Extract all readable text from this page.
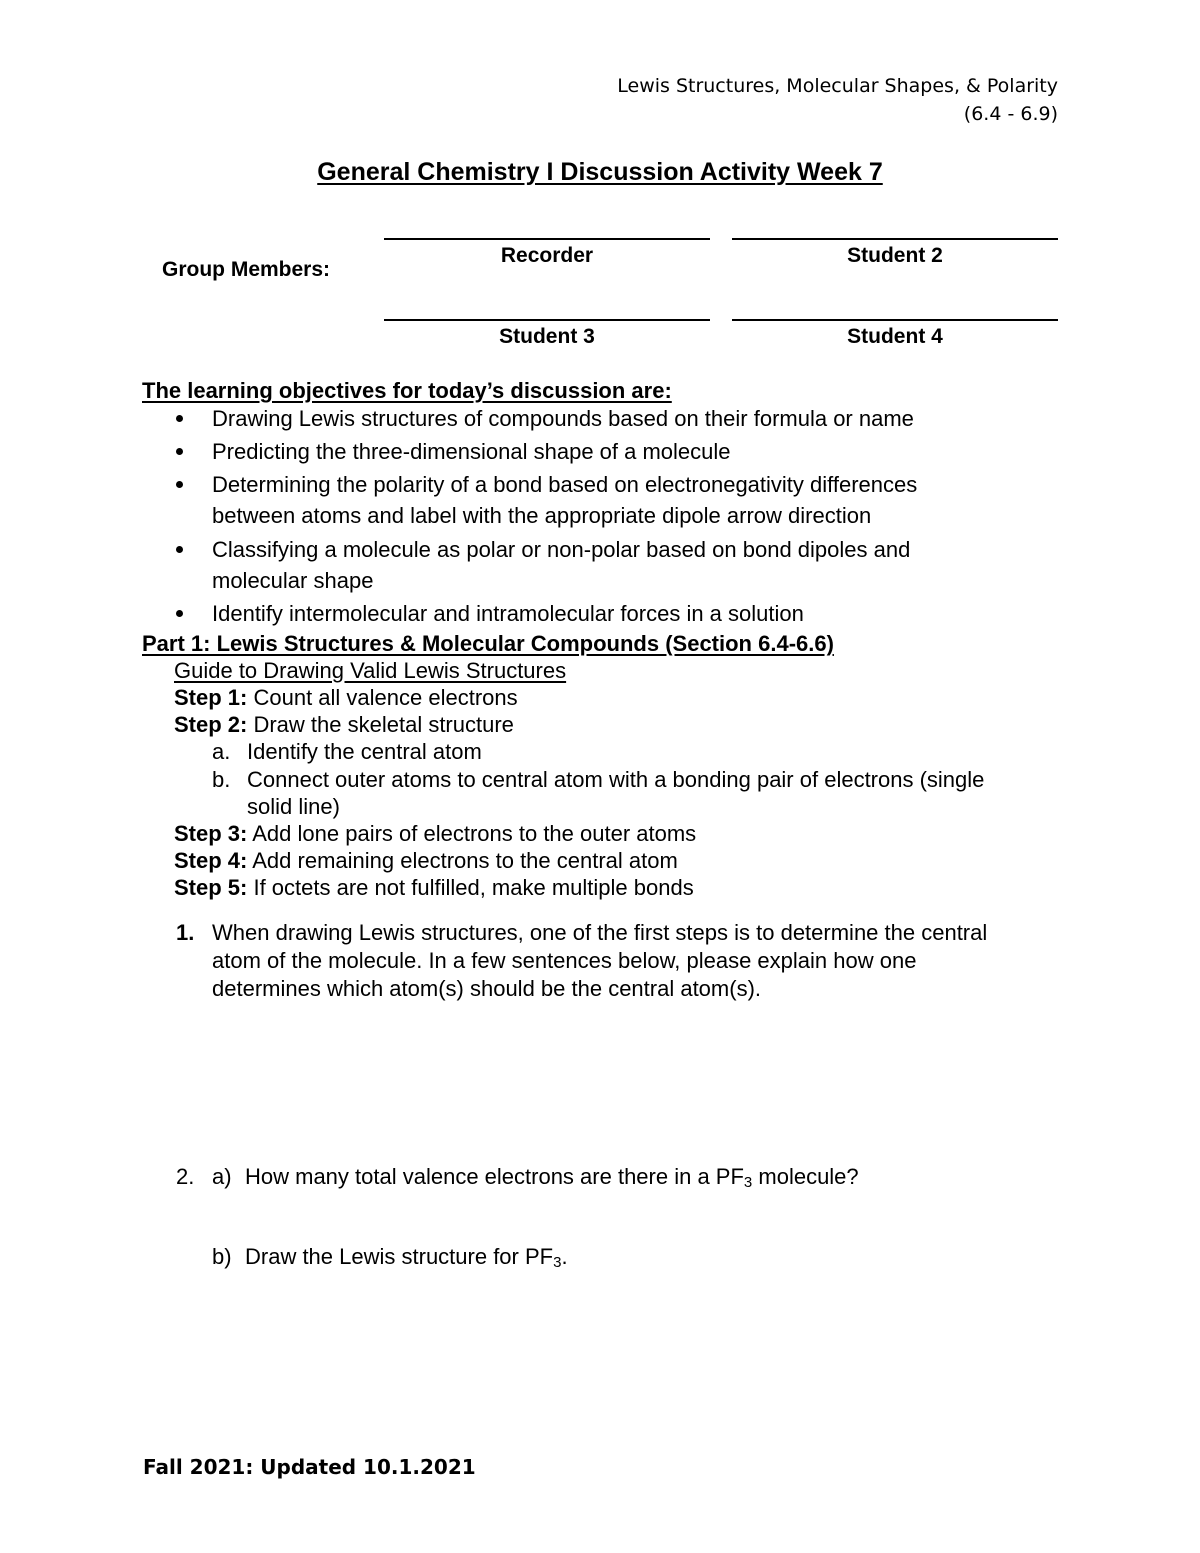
Lewis Structures, Molecular Shapes, & Polarity
(6.4 - 6.9)
General Chemistry I Discussion Activity Week 7
Group Members:
Recorder	Student 2
Student 3	Student 4
The learning objectives for today’s discussion are:
Drawing Lewis structures of compounds based on their formula or name
Predicting the three-dimensional shape of a molecule
Determining the polarity of a bond based on electronegativity differences
between atoms and label with the appropriate dipole arrow direction
Classifying a molecule as polar or non-polar based on bond dipoles and
molecular shape
Identify intermolecular and intramolecular forces in a solution
Part 1: Lewis Structures & Molecular Compounds (Section 6.4-6.6)
Guide to Drawing Valid Lewis Structures
Step 1: Count all valence electrons
Step 2: Draw the skeletal structure
a. Identify the central atom
b. Connect outer atoms to central atom with a bonding pair of electrons (single
solid line)
Step 3: Add lone pairs of electrons to the outer atoms
Step 4: Add remaining electrons to the central atom
Step 5: If octets are not fulfilled, make multiple bonds
1. When drawing Lewis structures, one of the first steps is to determine the central
atom of the molecule. In a few sentences below, please explain how one
determines which atom(s) should be the central atom(s).
2. a) How many total valence electrons are there in a $PF_3$ molecule?
b) Draw the Lewis structure for $PF_3$.
Fall 2021: Updated 10.1.2021
